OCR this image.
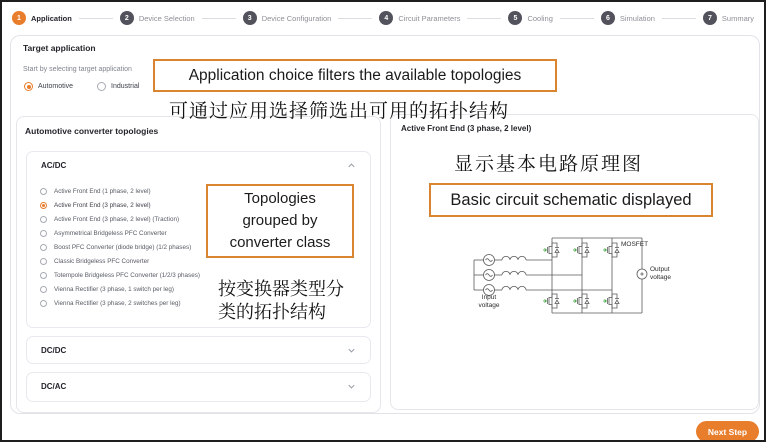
1	Application	2	Device Selection	3	Device Configuration	4	Circuit Parameters	5	Cooling	6	Simulation	7	Summary
Target application
Start by selecting target application
Automotive	Industrial
Automotive converter topologies
AC/DC
Active Front End (1 phase, 2 level)
Active Front End (3 phase, 2 level)
Active Front End (3 phase, 2 level) (Traction)
Asymmetrical Bridgeless PFC Converter
Boost PFC Converter (diode bridge) (1/2 phases)
Classic Bridgeless PFC Converter
Totempole Bridgeless PFC Converter (1/2/3 phases)
Vienna Rectifier (3 phase, 1 switch per leg)
Vienna Rectifier (3 phase, 2 switches per leg)
DC/DC
DC/AC
Active Front End (3 phase, 2 level)
Input voltage
MOSFET
Output voltage
Application choice filters the available topologies
可通过应用选择筛选出可用的拓扑结构
Topologies grouped by converter class
按变换器类型分类的拓扑结构
显示基本电路原理图
Basic circuit schematic displayed
Next Step
